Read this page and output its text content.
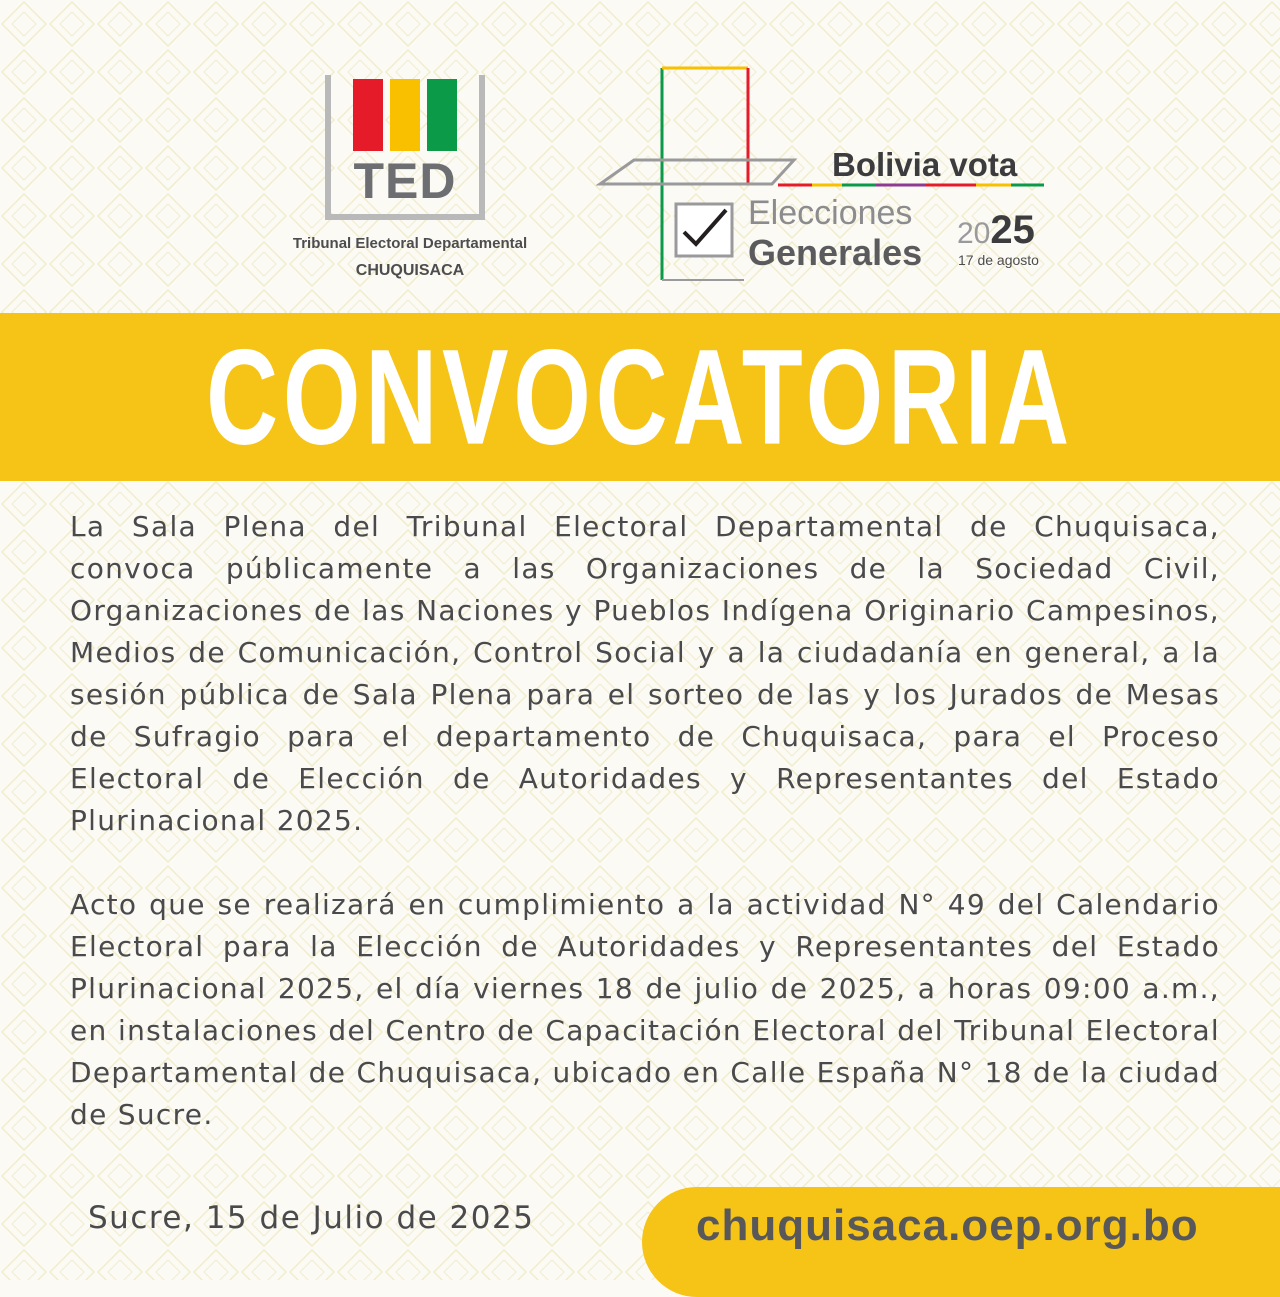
TED
Tribunal Electoral Departamental
CHUQUISACA
Bolivia vota
Elecciones
Generales 2025
17 de agosto
CONVOCATORIA

La Sala Plena del Tribunal Electoral Departamental de Chuquisaca, convoca públicamente a las Organizaciones de la Sociedad Civil, Organizaciones de las Naciones y Pueblos Indígena Originario Campesinos, Medios de Comunicación, Control Social y a la ciudadanía en general, a la sesión pública de Sala Plena para el sorteo de las y los Jurados de Mesas de Sufragio para el departamento de Chuquisaca, para el Proceso Electoral de Elección de Autoridades y Representantes del Estado Plurinacional 2025.

Acto que se realizará en cumplimiento a la actividad N° 49 del Calendario Electoral para la Elección de Autoridades y Representantes del Estado Plurinacional 2025, el día viernes 18 de julio de 2025, a horas 09:00 a.m., en instalaciones del Centro de Capacitación Electoral del Tribunal Electoral Departamental de Chuquisaca, ubicado en Calle España N° 18 de la ciudad de Sucre.

Sucre, 15 de Julio de 2025	chuquisaca.oep.org.bo
